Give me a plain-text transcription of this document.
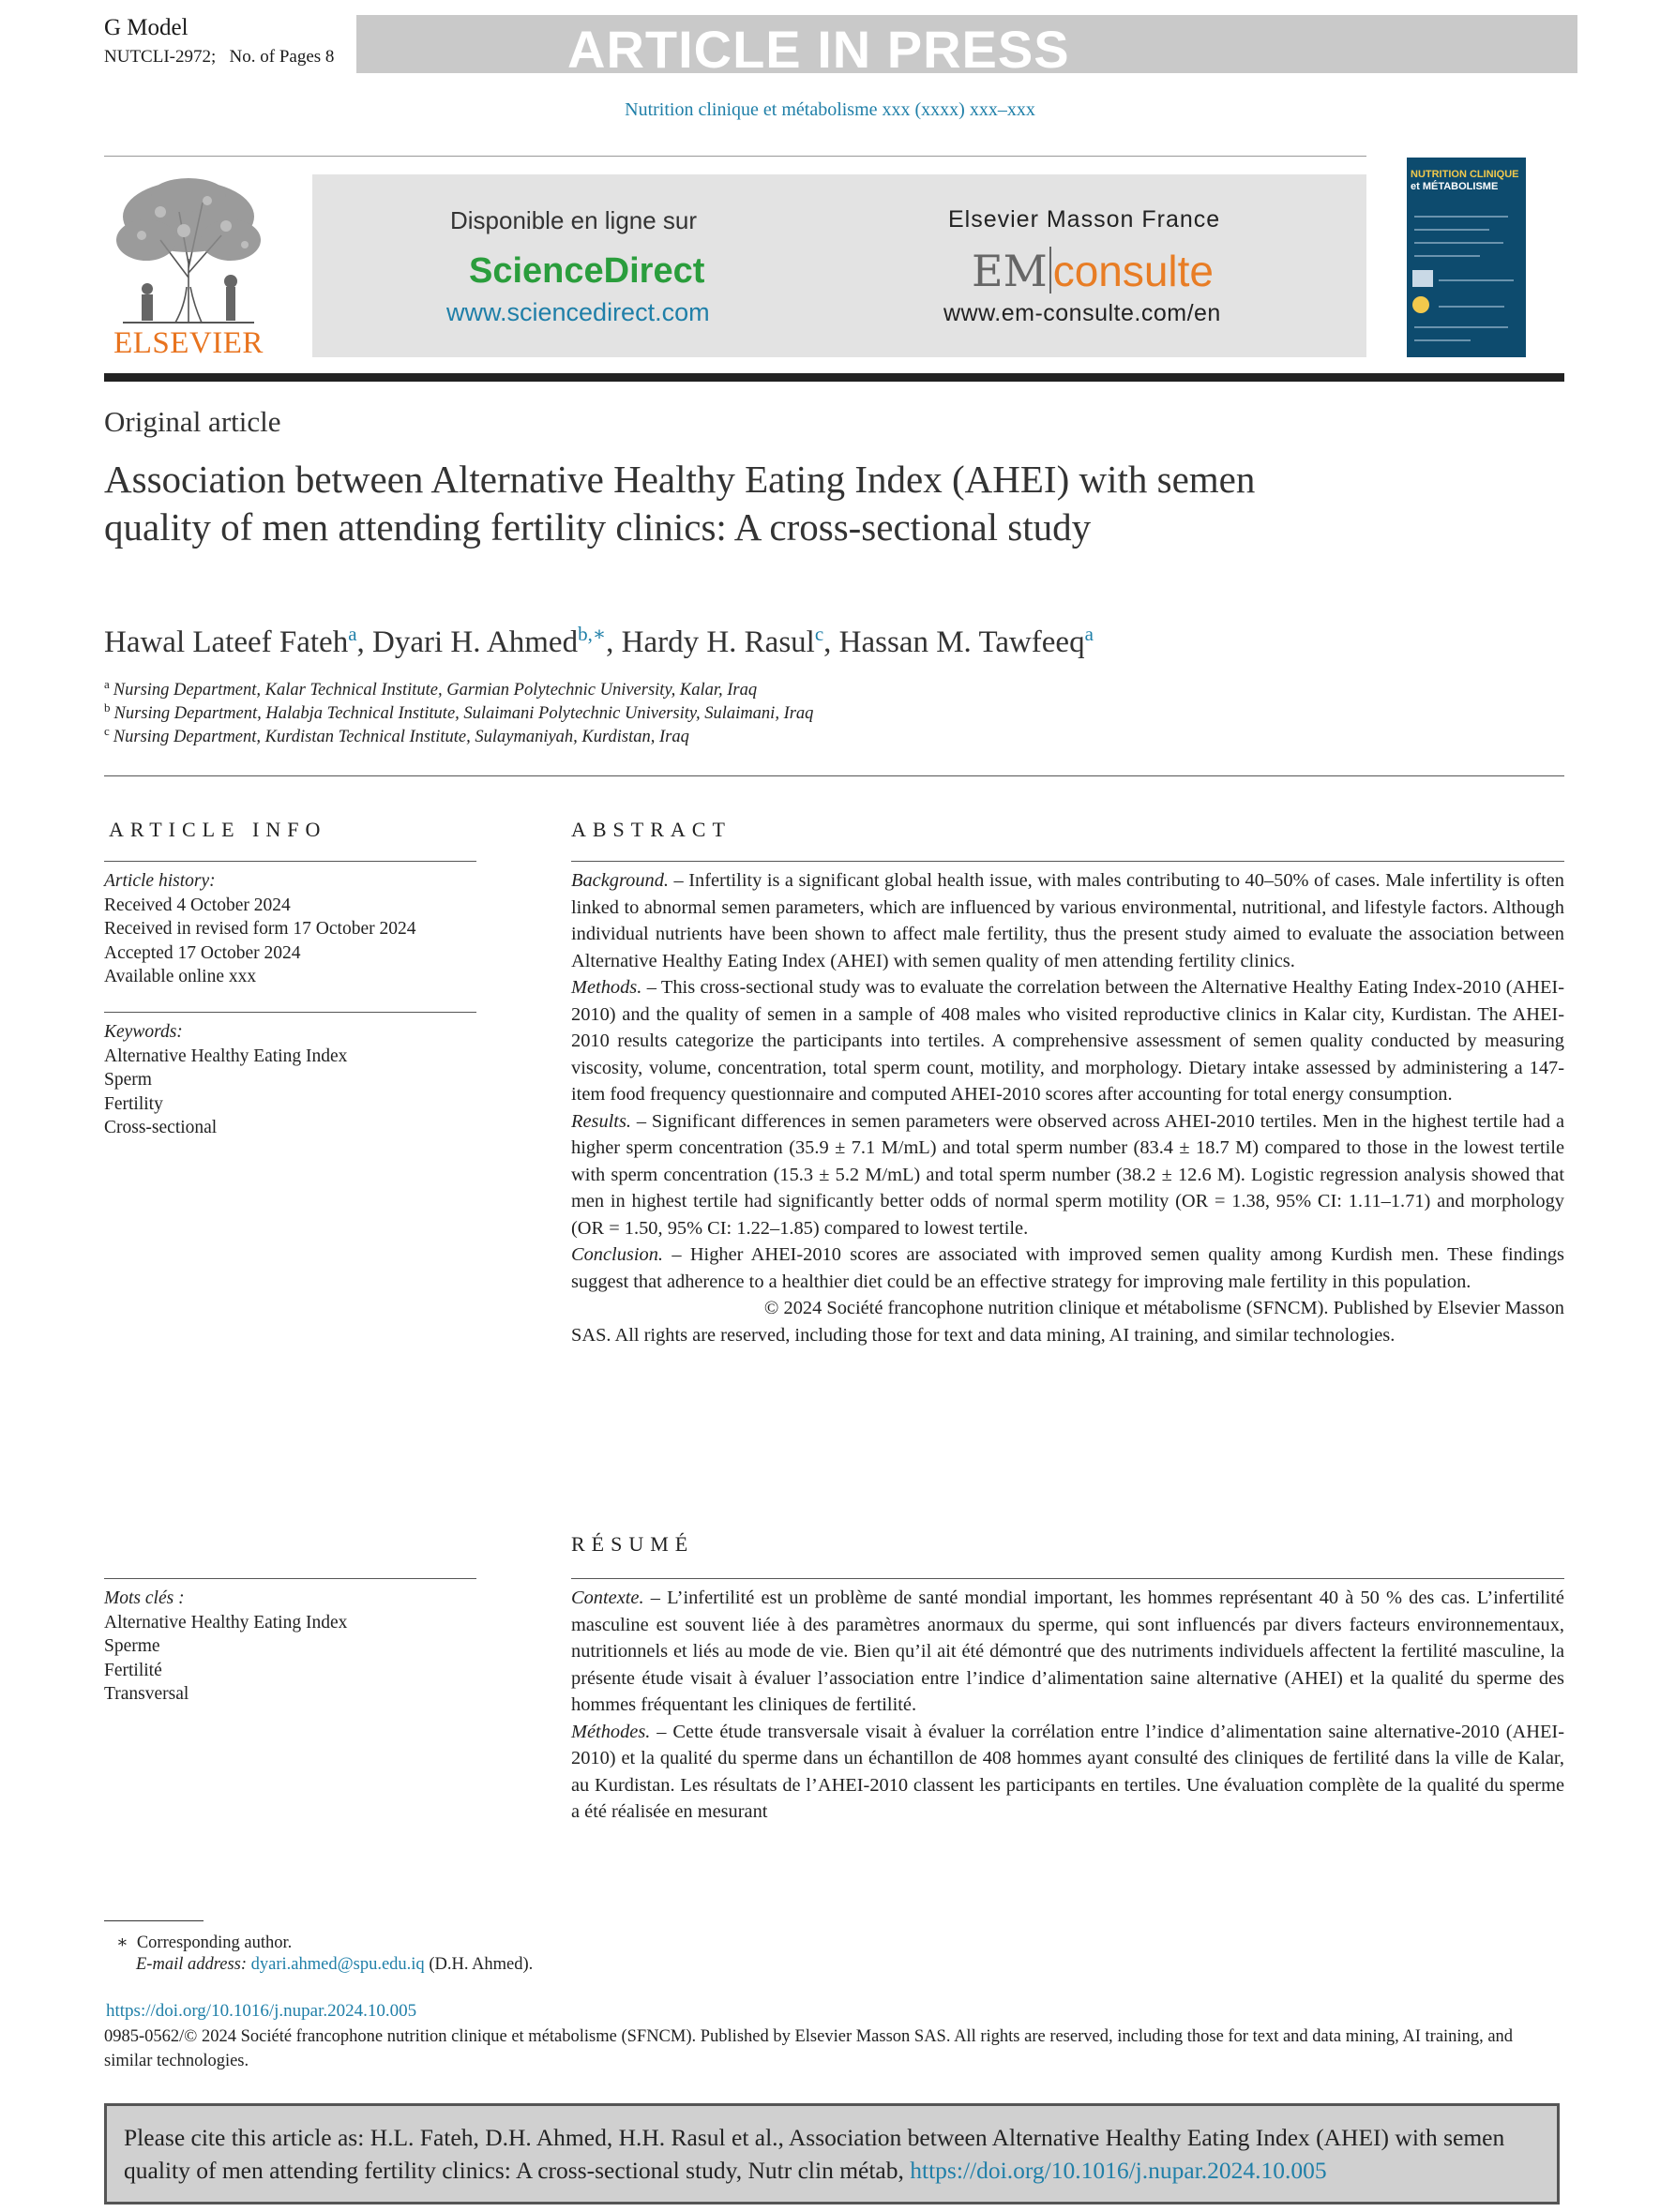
G Model
NUTCLI-2972; No. of Pages 8	ARTICLE IN PRESS
Nutrition clinique et métabolisme xxx (xxxx) xxx–xxx
ELSEVIER
Disponible en ligne sur
ScienceDirect
www.sciencedirect.com
Elsevier Masson France
EM consulte
www.em-consulte.com/en
NUTRITION CLINIQUE
et MÉTABOLISME
Original article
Association between Alternative Healthy Eating Index (AHEI) with semen quality of men attending fertility clinics: A cross-sectional study
Hawal Lateef Fateh$^a$, Dyari H. Ahmed$^{b,∗}$, Hardy H. Rasul$^c$, Hassan M. Tawfeeq$^a$
$^a$ Nursing Department, Kalar Technical Institute, Garmian Polytechnic University, Kalar, Iraq
$^b$ Nursing Department, Halabja Technical Institute, Sulaimani Polytechnic University, Sulaimani, Iraq
$^c$ Nursing Department, Kurdistan Technical Institute, Sulaymaniyah, Kurdistan, Iraq
ARTICLE INFO
Article history:
Received 4 October 2024
Received in revised form 17 October 2024
Accepted 17 October 2024
Available online xxx
Keywords:
Alternative Healthy Eating Index
Sperm
Fertility
Cross-sectional
Mots clés :
Alternative Healthy Eating Index
Sperme
Fertilité
Transversal
ABSTRACT

Background. – Infertility is a significant global health issue, with males contributing to 40–50% of cases. Male infertility is often linked to abnormal semen parameters, which are influenced by various environmental, nutritional, and lifestyle factors. Although individual nutrients have been shown to affect male fertility, thus the present study aimed to evaluate the association between Alternative Healthy Eating Index (AHEI) with semen quality of men attending fertility clinics.

Methods. – This cross-sectional study was to evaluate the correlation between the Alternative Healthy Eating Index-2010 (AHEI-2010) and the quality of semen in a sample of 408 males who visited reproductive clinics in Kalar city, Kurdistan. The AHEI-2010 results categorize the participants into tertiles. A comprehensive assessment of semen quality conducted by measuring viscosity, volume, concentration, total sperm count, motility, and morphology. Dietary intake assessed by administering a 147-item food frequency questionnaire and computed AHEI-2010 scores after accounting for total energy consumption.

Results. – Significant differences in semen parameters were observed across AHEI-2010 tertiles. Men in the highest tertile had a higher sperm concentration (35.9 ± 7.1 M/mL) and total sperm number (83.4 ± 18.7 M) compared to those in the lowest tertile with sperm concentration (15.3 ± 5.2 M/mL) and total sperm number (38.2 ± 12.6 M). Logistic regression analysis showed that men in highest tertile had significantly better odds of normal sperm motility (OR = 1.38, 95% CI: 1.11–1.71) and morphology (OR = 1.50, 95% CI: 1.22–1.85) compared to lowest tertile.

Conclusion. – Higher AHEI-2010 scores are associated with improved semen quality among Kurdish men. These findings suggest that adherence to a healthier diet could be an effective strategy for improving male fertility in this population.

© 2024 Société francophone nutrition clinique et métabolisme (SFNCM). Published by Elsevier Masson

SAS. All rights are reserved, including those for text and data mining, AI training, and similar technologies.

RÉSUMÉ

Contexte. – L’infertilité est un problème de santé mondial important, les hommes représentant 40 à 50 % des cas. L’infertilité masculine est souvent liée à des paramètres anormaux du sperme, qui sont influencés par divers facteurs environnementaux, nutritionnels et liés au mode de vie. Bien qu’il ait été démontré que des nutriments individuels affectent la fertilité masculine, la présente étude visait à évaluer l’association entre l’indice d’alimentation saine alternative (AHEI) et la qualité du sperme des hommes fréquentant les cliniques de fertilité.

Méthodes. – Cette étude transversale visait à évaluer la corrélation entre l’indice d’alimentation saine alternative-2010 (AHEI-2010) et la qualité du sperme dans un échantillon de 408 hommes ayant consulté des cliniques de fertilité dans la ville de Kalar, au Kurdistan. Les résultats de l’AHEI-2010 classent les participants en tertiles. Une évaluation complète de la qualité du sperme a été réalisée en mesurant

∗ Corresponding author.
E-mail address: dyari.ahmed@spu.edu.iq (D.H. Ahmed).
https://doi.org/10.1016/j.nupar.2024.10.005
0985-0562/© 2024 Société francophone nutrition clinique et métabolisme (SFNCM). Published by Elsevier Masson SAS. All rights are reserved, including those for text and data mining, AI training, and similar technologies.
Please cite this article as: H.L. Fateh, D.H. Ahmed, H.H. Rasul et al., Association between Alternative Healthy Eating Index (AHEI) with semen quality of men attending fertility clinics: A cross-sectional study, Nutr clin métab, https://doi.org/10.1016/j.nupar.2024.10.005
